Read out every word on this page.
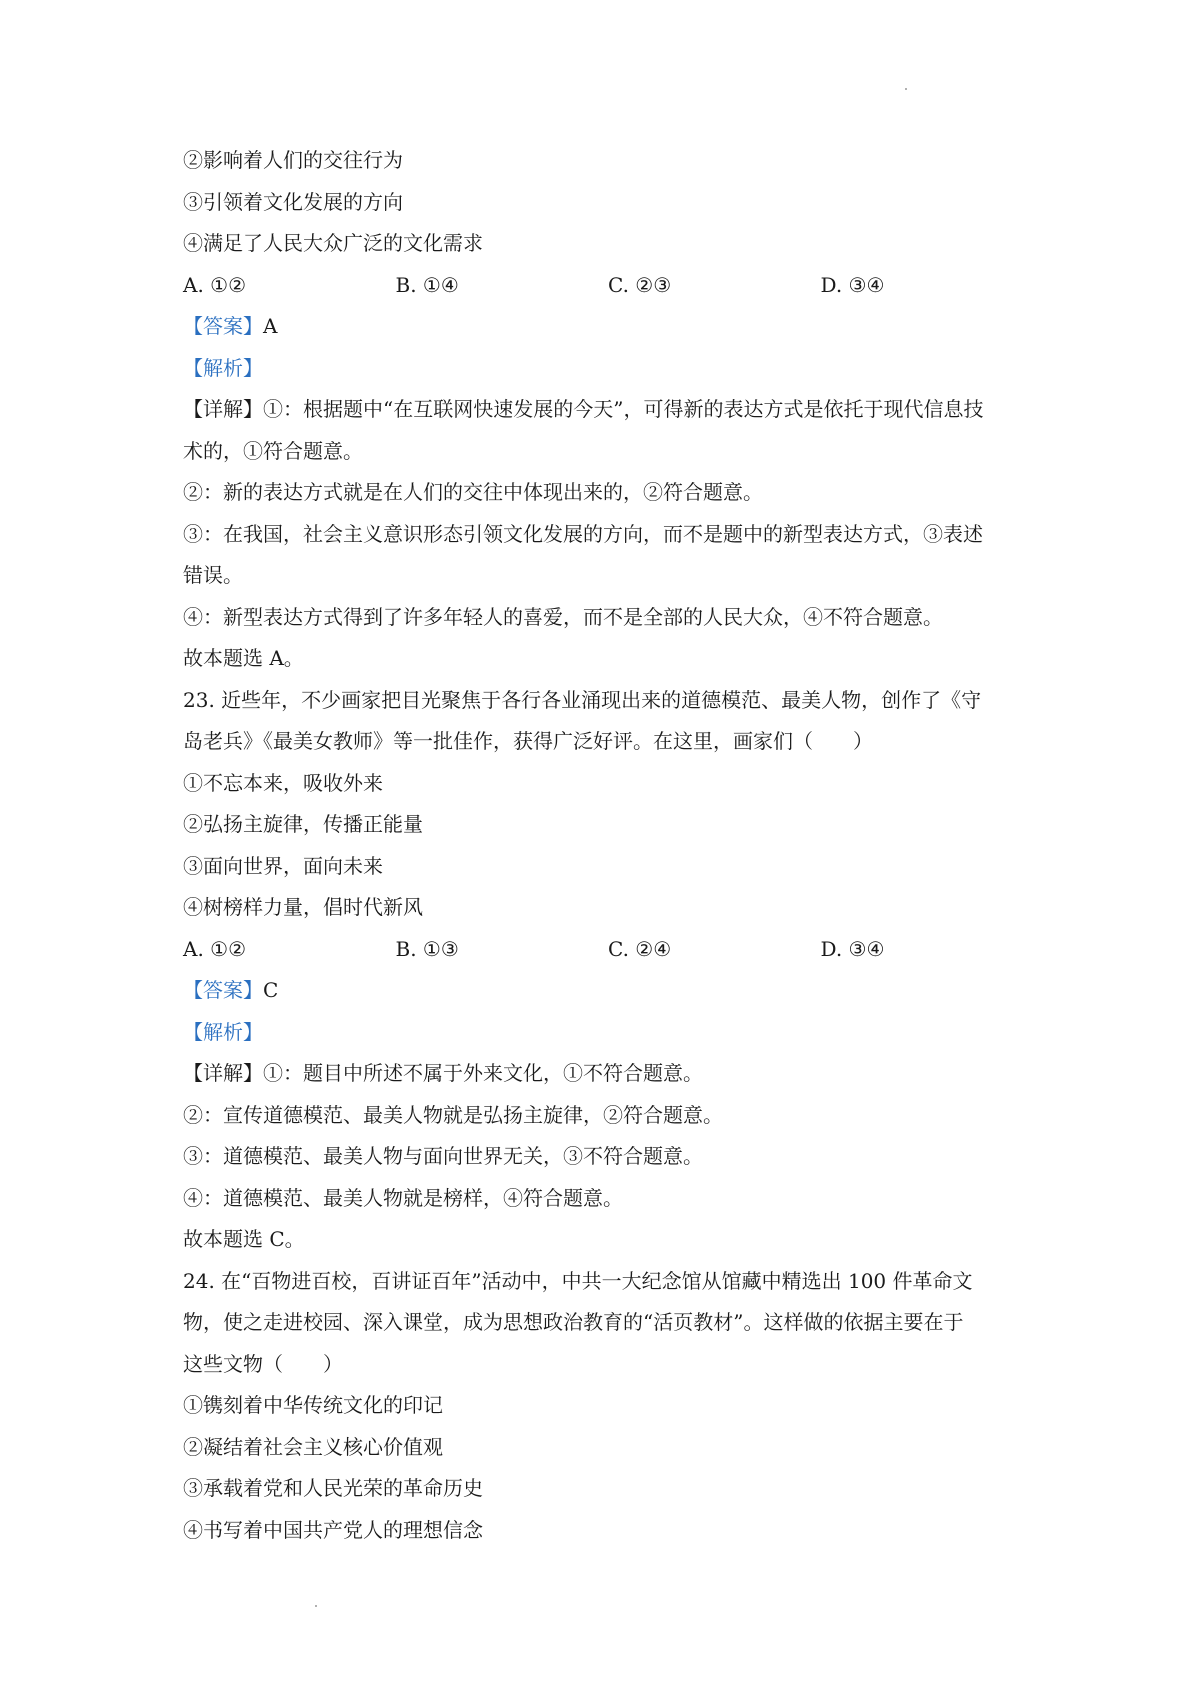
②影响着人们的交往行为
③引领着文化发展的方向
④满足了人民大众广泛的文化需求
A. ①②	B. ①④	C. ②③	D. ③④
【答案】A
【解析】
【详解】①：根据题中“在互联网快速发展的今天”，可得新的表达方式是依托于现代信息技
术的，①符合题意。
②：新的表达方式就是在人们的交往中体现出来的，②符合题意。
③：在我国，社会主义意识形态引领文化发展的方向，而不是题中的新型表达方式，③表述
错误。
④：新型表达方式得到了许多年轻人的喜爱，而不是全部的人民大众，④不符合题意。
故本题选 A。
23. 近些年，不少画家把目光聚焦于各行各业涌现出来的道德模范、最美人物，创作了《守
岛老兵》《最美女教师》等一批佳作，获得广泛好评。在这里，画家们（　　）
①不忘本来，吸收外来
②弘扬主旋律，传播正能量
③面向世界，面向未来
④树榜样力量，倡时代新风
A. ①②	B. ①③	C. ②④	D. ③④
【答案】C
【解析】
【详解】①：题目中所述不属于外来文化，①不符合题意。
②：宣传道德模范、最美人物就是弘扬主旋律，②符合题意。
③：道德模范、最美人物与面向世界无关，③不符合题意。
④：道德模范、最美人物就是榜样，④符合题意。
故本题选 C。
24. 在“百物进百校，百讲证百年”活动中，中共一大纪念馆从馆藏中精选出 100 件革命文
物，使之走进校园、深入课堂，成为思想政治教育的“活页教材”。这样做的依据主要在于
这些文物（　　）
①镌刻着中华传统文化的印记
②凝结着社会主义核心价值观
③承载着党和人民光荣的革命历史
④书写着中国共产党人的理想信念
